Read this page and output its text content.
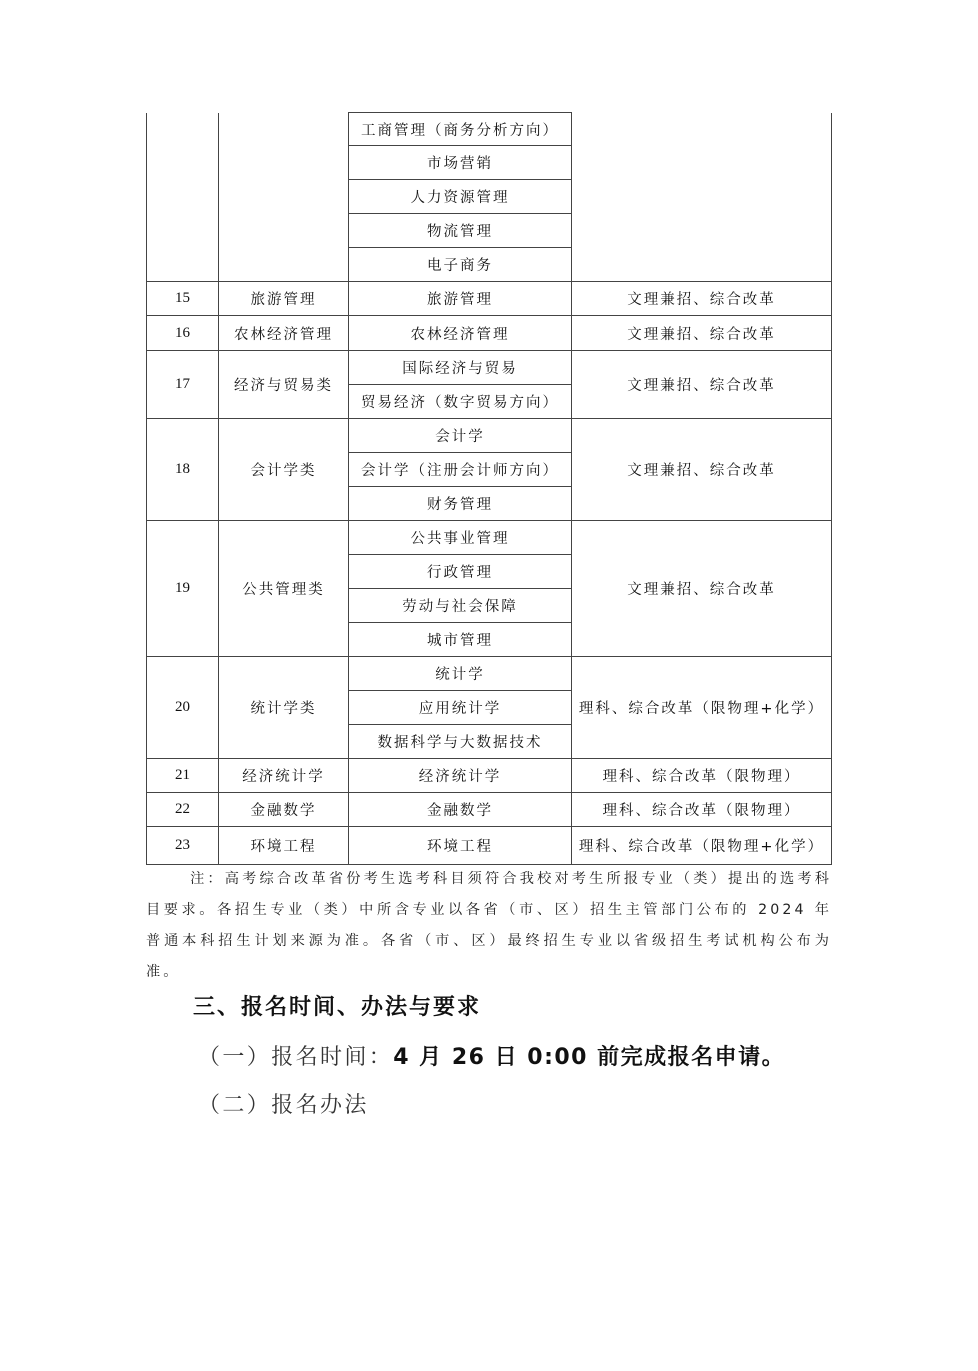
		工商管理（商务分析方向）	
		市场营销	
		人力资源管理	
		物流管理	
		电子商务	
15	旅游管理	旅游管理	文理兼招、综合改革
16	农林经济管理	农林经济管理	文理兼招、综合改革
17	经济与贸易类	国际经济与贸易	文理兼招、综合改革
		贸易经济（数字贸易方向）	
18	会计学类	会计学	文理兼招、综合改革
		会计学（注册会计师方向）	
		财务管理	
19	公共管理类	公共事业管理	文理兼招、综合改革
		行政管理	
		劳动与社会保障	
		城市管理	
20	统计学类	统计学	理科、综合改革（限物理+化学）
		应用统计学	
		数据科学与大数据技术	
21	经济统计学	经济统计学	理科、综合改革（限物理）
22	金融数学	金融数学	理科、综合改革（限物理）
23	环境工程	环境工程	理科、综合改革（限物理+化学）
注：高考综合改革省份考生选考科目须符合我校对考生所报专业（类）提出的选考科目要求。各招生专业（类）中所含专业以各省（市、区）招生主管部门公布的 2024 年普通本科招生计划来源为准。各省（市、区）最终招生专业以省级招生考试机构公布为准。
三、报名时间、办法与要求
（一）报名时间：4 月 26 日 0:00 前完成报名申请。
（二）报名办法
